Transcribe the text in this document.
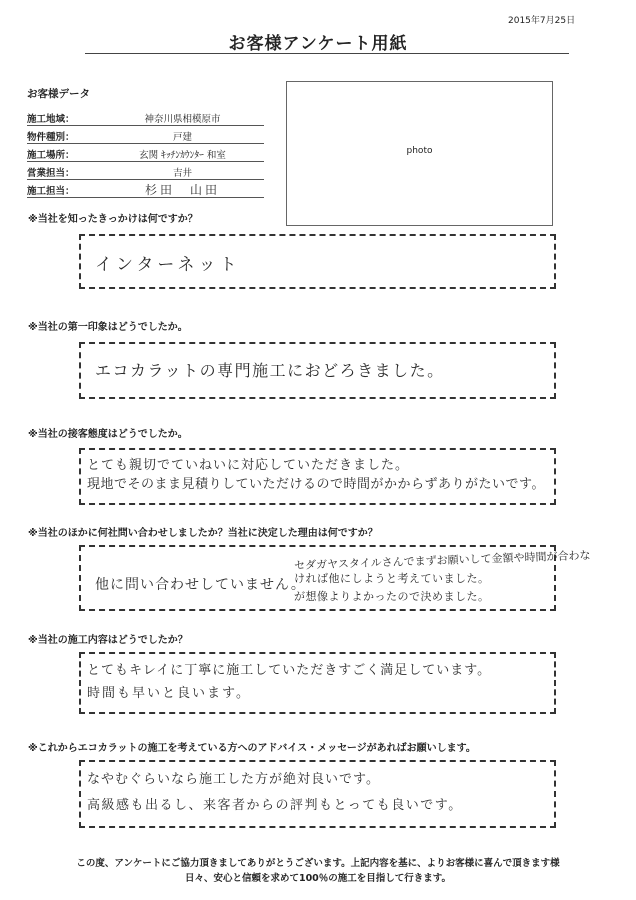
2015年7月25日
お客様アンケート用紙
お客様データ
施工地域：	神奈川県相模原市
物件種別：	戸建
施工場所：	玄関 ｷｯﾁﾝｶｳﾝﾀｰ 和室
営業担当：	吉井
施工担当：	杉田　山田
photo
※当社を知ったきっかけは何ですか？
インターネット
※当社の第一印象はどうでしたか。
エコカラットの専門施工におどろきました。
※当社の接客態度はどうでしたか。
とても親切でていねいに対応していただきました。
現地でそのまま見積りしていただけるので時間がかからずありがたいです。
※当社のほかに何社問い合わせしましたか？当社に決定した理由は何ですか？
他に問い合わせしていません。
セダガヤスタイルさんでまずお願いして金額や時間が合わな
ければ他にしようと考えていました。
が想像よりよかったので決めました。
※当社の施工内容はどうでしたか？
とてもキレイに丁寧に施工していただきすごく満足しています。
時間も早いと良います。
※これからエコカラットの施工を考えている方へのアドバイス・メッセージがあればお願いします。
なやむぐらいなら施工した方が絶対良いです。
高級感も出るし、来客者からの評判もとっても良いです。
この度、アンケートにご協力頂きましてありがとうございます。上記内容を基に、よりお客様に喜んで頂きます様
日々、安心と信頼を求めて100％の施工を目指して行きます。
